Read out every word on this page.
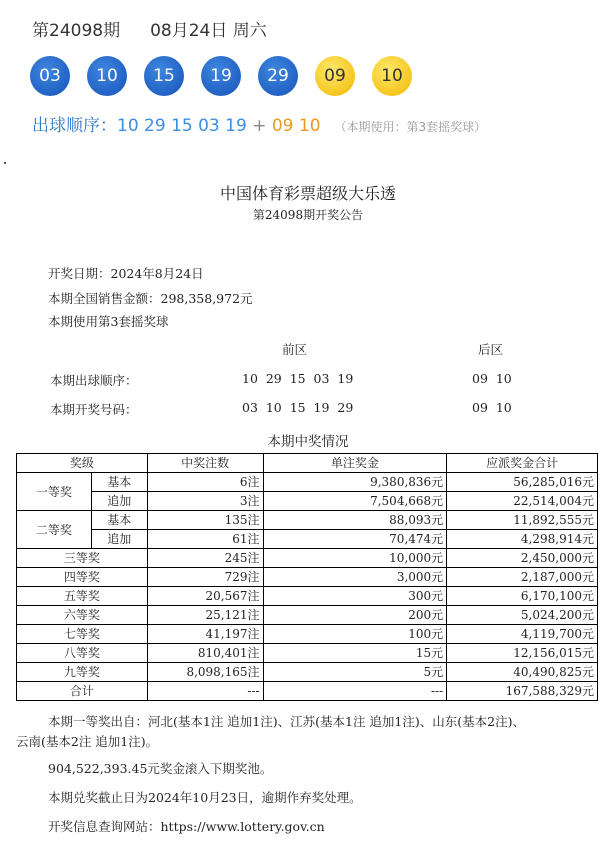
第24098期 08月24日 周六
03	10	15	19	29	09	10
出球顺序：10 29 15 03 19 + 09 10 （本期使用：第3套摇奖球）
中国体育彩票超级大乐透
第24098期开奖公告
开奖日期：2024年8月24日
本期全国销售金额：298,358,972元
本期使用第3套摇奖球
前区	后区
本期出球顺序：	10  29  15  03  19	09  10
本期开奖号码：	03  10  15  19  29	09  10
本期中奖情况
奖级		中奖注数	单注奖金	应派奖金合计
一等奖	基本	6注	9,380,836元	56,285,016元
	追加	3注	7,504,668元	22,514,004元
二等奖	基本	135注	88,093元	11,892,555元
	追加	61注	70,474元	4,298,914元
三等奖		245注	10,000元	2,450,000元
四等奖		729注	3,000元	2,187,000元
五等奖		20,567注	300元	6,170,100元
六等奖		25,121注	200元	5,024,200元
七等奖		41,197注	100元	4,119,700元
八等奖		810,401注	15元	12,156,015元
九等奖		8,098,165注	5元	40,490,825元
合计		---	---	167,588,329元
本期一等奖出自：河北(基本1注 追加1注)、江苏(基本1注 追加1注)、山东(基本2注)、
云南(基本2注 追加1注)。
904,522,393.45元奖金滚入下期奖池。
本期兑奖截止日为2024年10月23日，逾期作弃奖处理。
开奖信息查询网站：https://www.lottery.gov.cn
